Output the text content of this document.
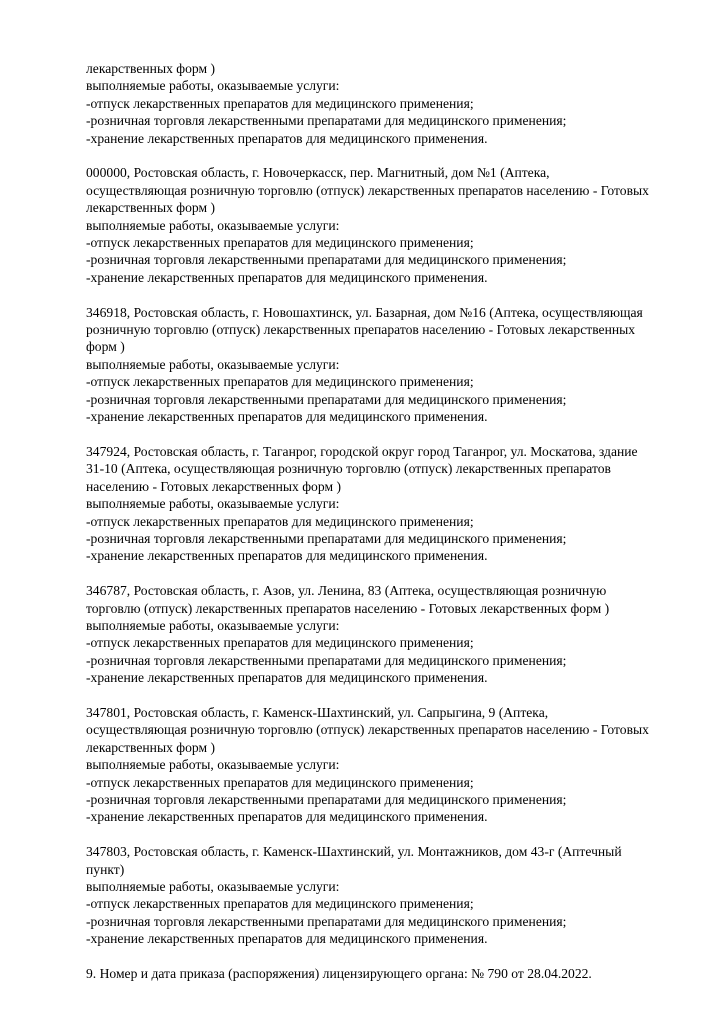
лекарственных форм )
выполняемые работы, оказываемые услуги:
-отпуск лекарственных препаратов для медицинского применения;
-розничная торговля лекарственными препаратами для медицинского применения;
-хранение лекарственных препаратов для медицинского применения.
000000, Ростовская область, г. Новочеркасск, пер. Магнитный, дом №1 (Аптека,
осуществляющая розничную торговлю (отпуск) лекарственных препаратов населению - Готовых
лекарственных форм )
выполняемые работы, оказываемые услуги:
-отпуск лекарственных препаратов для медицинского применения;
-розничная торговля лекарственными препаратами для медицинского применения;
-хранение лекарственных препаратов для медицинского применения.
346918, Ростовская область, г. Новошахтинск, ул. Базарная, дом №16 (Аптека, осуществляющая
розничную торговлю (отпуск) лекарственных препаратов населению - Готовых лекарственных
форм )
выполняемые работы, оказываемые услуги:
-отпуск лекарственных препаратов для медицинского применения;
-розничная торговля лекарственными препаратами для медицинского применения;
-хранение лекарственных препаратов для медицинского применения.
347924, Ростовская область, г. Таганрог, городской округ город Таганрог, ул. Москатова, здание
31-10 (Аптека, осуществляющая розничную торговлю (отпуск) лекарственных препаратов
населению - Готовых лекарственных форм )
выполняемые работы, оказываемые услуги:
-отпуск лекарственных препаратов для медицинского применения;
-розничная торговля лекарственными препаратами для медицинского применения;
-хранение лекарственных препаратов для медицинского применения.
346787, Ростовская область, г. Азов, ул. Ленина, 83 (Аптека, осуществляющая розничную
торговлю (отпуск) лекарственных препаратов населению - Готовых лекарственных форм )
выполняемые работы, оказываемые услуги:
-отпуск лекарственных препаратов для медицинского применения;
-розничная торговля лекарственными препаратами для медицинского применения;
-хранение лекарственных препаратов для медицинского применения.
347801, Ростовская область, г. Каменск-Шахтинский, ул. Сапрыгина, 9 (Аптека,
осуществляющая розничную торговлю (отпуск) лекарственных препаратов населению - Готовых
лекарственных форм )
выполняемые работы, оказываемые услуги:
-отпуск лекарственных препаратов для медицинского применения;
-розничная торговля лекарственными препаратами для медицинского применения;
-хранение лекарственных препаратов для медицинского применения.
347803, Ростовская область, г. Каменск-Шахтинский, ул. Монтажников, дом 43-г (Аптечный
пункт)
выполняемые работы, оказываемые услуги:
-отпуск лекарственных препаратов для медицинского применения;
-розничная торговля лекарственными препаратами для медицинского применения;
-хранение лекарственных препаратов для медицинского применения.
9. Номер и дата приказа (распоряжения) лицензирующего органа: № 790 от 28.04.2022.
